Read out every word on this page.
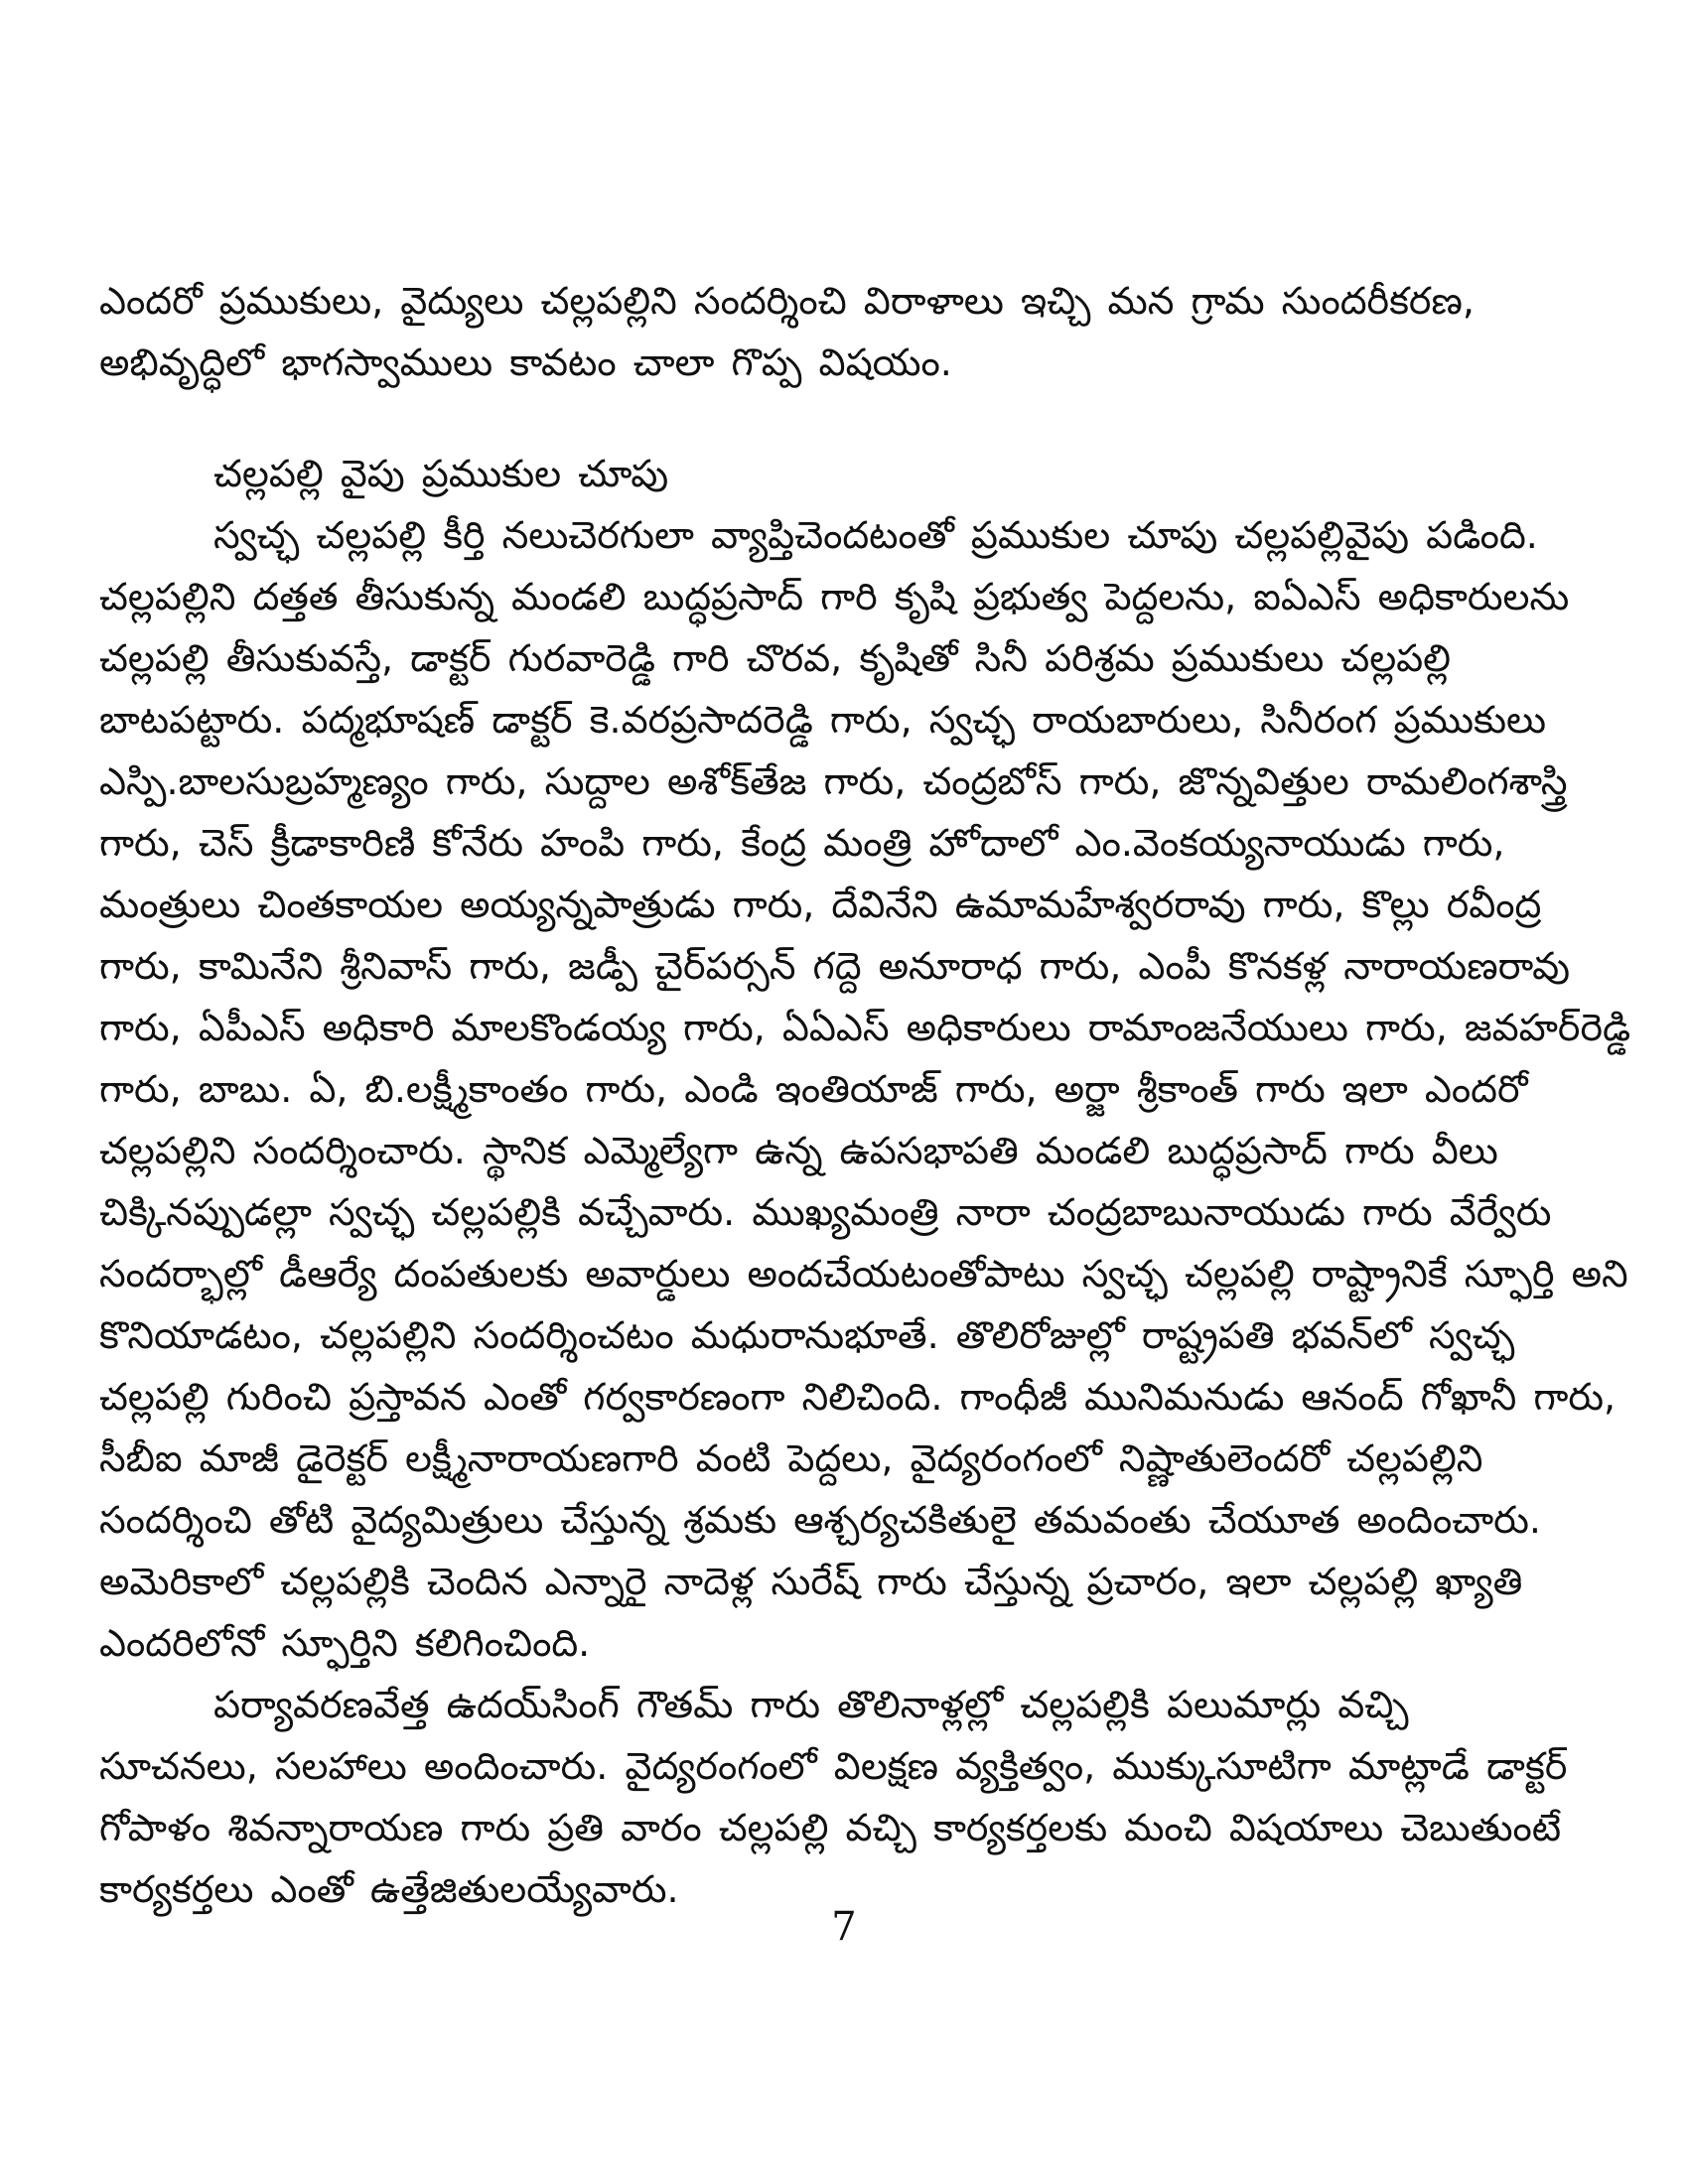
ఎందరో ప్రముకులు, వైద్యులు చల్లపల్లిని సందర్శించి విరాళాలు ఇచ్చి మన గ్రామ సుందరీకరణ,
అభివృద్ధిలో భాగస్వాములు కావటం చాలా గొప్ప విషయం.
చల్లపల్లి వైపు ప్రముకుల చూపు
స్వచ్ఛ చల్లపల్లి కీర్తి నలుచెరగులా వ్యాప్తిచెందటంతో ప్రముకుల చూపు చల్లపల్లివైపు పడింది.
చల్లపల్లిని దత్తత తీసుకున్న మండలి బుద్ధప్రసాద్ గారి కృషి ప్రభుత్వ పెద్దలను, ఐఏఎస్ అధికారులను
చల్లపల్లి తీసుకువస్తే, డాక్టర్ గురవారెడ్డి గారి చొరవ, కృషితో సినీ పరిశ్రమ ప్రముకులు చల్లపల్లి
బాటపట్టారు. పద్మభూషణ్ డాక్టర్ కె.వరప్రసాదరెడ్డి గారు, స్వచ్ఛ రాయబారులు, సినీరంగ ప్రముకులు
ఎస్పి.బాలసుబ్రహ్మణ్యం గారు, సుద్దాల అశోక్‌తేజ గారు, చంద్రబోస్ గారు, జొన్నవిత్తుల రామలింగశాస్త్రి
గారు, చెస్ క్రీడాకారిణి కోనేరు హంపి గారు, కేంద్ర మంత్రి హోదాలో ఎం.వెంకయ్యనాయుడు గారు,
మంత్రులు చింతకాయల అయ్యన్నపాత్రుడు గారు, దేవినేని ఉమామహేశ్వరరావు గారు, కొల్లు రవీంద్ర
గారు, కామినేని శ్రీనివాస్ గారు, జడ్పీ చైర్‌పర్సన్ గద్దె అనూరాధ గారు, ఎంపీ కొనకళ్ల నారాయణరావు
గారు, ఏపీఎస్ అధికారి మాలకొండయ్య గారు, ఏఏఎస్ అధికారులు రామాంజనేయులు గారు, జవహర్‌రెడ్డి
గారు, బాబు. ఏ, బి.లక్ష్మీకాంతం గారు, ఎండి ఇంతియాజ్ గారు, అర్జా శ్రీకాంత్ గారు ఇలా ఎందరో
చల్లపల్లిని సందర్శించారు. స్థానిక ఎమ్మెల్యేగా ఉన్న ఉపసభాపతి మండలి బుద్ధప్రసాద్ గారు వీలు
చిక్కినప్పుడల్లా స్వచ్ఛ చల్లపల్లికి వచ్చేవారు. ముఖ్యమంత్రి నారా చంద్రబాబునాయుడు గారు వేర్వేరు
సందర్భాల్లో డీఆర్యే దంపతులకు అవార్డులు అందచేయటంతోపాటు స్వచ్ఛ చల్లపల్లి రాష్ట్రానికే స్ఫూర్తి అని
కొనియాడటం, చల్లపల్లిని సందర్శించటం మధురానుభూతే. తొలిరోజుల్లో రాష్ట్రపతి భవన్‌లో స్వచ్ఛ
చల్లపల్లి గురించి ప్రస్తావన ఎంతో గర్వకారణంగా నిలిచింది. గాంధీజీ మునిమనుడు ఆనంద్ గోఖానీ గారు,
సీబీఐ మాజీ డైరెక్టర్ లక్ష్మీనారాయణగారి వంటి పెద్దలు, వైద్యరంగంలో నిష్ణాతులెందరో చల్లపల్లిని
సందర్శించి తోటి వైద్యమిత్రులు చేస్తున్న శ్రమకు ఆశ్చర్యచకితులై తమవంతు చేయూత అందించారు.
అమెరికాలో చల్లపల్లికి చెందిన ఎన్నారై నాదెళ్ల సురేష్ గారు చేస్తున్న ప్రచారం, ఇలా చల్లపల్లి ఖ్యాతి
ఎందరిలోనో స్ఫూర్తిని కలిగించింది.
పర్యావరణవేత్త ఉదయ్‌సింగ్ గౌతమ్ గారు తొలినాళ్లల్లో చల్లపల్లికి పలుమార్లు వచ్చి
సూచనలు, సలహాలు అందించారు. వైద్యరంగంలో విలక్షణ వ్యక్తిత్వం, ముక్కుసూటిగా మాట్లాడే డాక్టర్
గోపాళం శివన్నారాయణ గారు ప్రతి వారం చల్లపల్లి వచ్చి కార్యకర్తలకు మంచి విషయాలు చెబుతుంటే
కార్యకర్తలు ఎంతో ఉత్తేజితులయ్యేవారు.
7
